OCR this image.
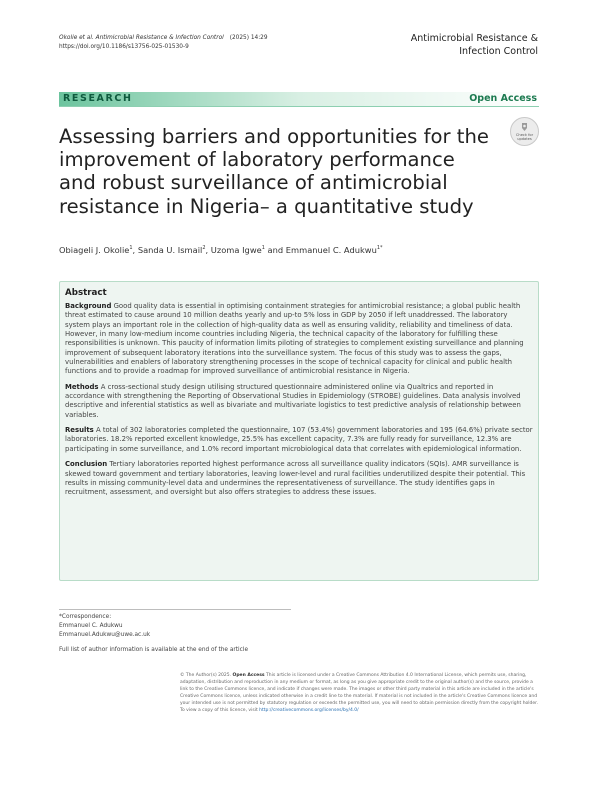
Okolie et al. Antimicrobial Resistance & Infection Control (2025) 14:29
https://doi.org/10.1186/s13756-025-01530-9
Antimicrobial Resistance &
Infection Control
RESEARCH	Open Access
Assessing barriers and opportunities for the improvement of laboratory performance and robust surveillance of antimicrobial resistance in Nigeria– a quantitative study
Check for
updates
Obiageli J. Okolie$^1$, Sanda U. Ismail$^2$, Uzoma Igwe$^1$ and Emmanuel C. Adukwu$^{1*}$
Abstract

Background Good quality data is essential in optimising containment strategies for antimicrobial resistance; a global public health threat estimated to cause around 10 million deaths yearly and up-to 5% loss in GDP by 2050 if left unaddressed. The laboratory system plays an important role in the collection of high-quality data as well as ensuring validity, reliability and timeliness of data. However, in many low-medium income countries including Nigeria, the technical capacity of the laboratory for fulfilling these responsibilities is unknown. This paucity of information limits piloting of strategies to complement existing surveillance and planning improvement of subsequent laboratory iterations into the surveillance system. The focus of this study was to assess the gaps, vulnerabilities and enablers of laboratory strengthening processes in the scope of technical capacity for clinical and public health functions and to provide a roadmap for improved surveillance of antimicrobial resistance in Nigeria.

Methods A cross-sectional study design utilising structured questionnaire administered online via Qualtrics and reported in accordance with strengthening the Reporting of Observational Studies in Epidemiology (STROBE) guidelines. Data analysis involved descriptive and inferential statistics as well as bivariate and multivariate logistics to test predictive analysis of relationship between variables.

Results A total of 302 laboratories completed the questionnaire, 107 (53.4%) government laboratories and 195 (64.6%) private sector laboratories. 18.2% reported excellent knowledge, 25.5% has excellent capacity, 7.3% are fully ready for surveillance, 12.3% are participating in some surveillance, and 1.0% record important microbiological data that correlates with epidemiological information.

Conclusion Tertiary laboratories reported highest performance across all surveillance quality indicators (SQIs). AMR surveillance is skewed toward government and tertiary laboratories, leaving lower-level and rural facilities underutilized despite their potential. This results in missing community-level data and undermines the representativeness of surveillance. The study identifies gaps in recruitment, assessment, and oversight but also offers strategies to address these issues.

*Correspondence:
Emmanuel C. Adukwu
Emmanuel.Adukwu@uwe.ac.uk
Full list of author information is available at the end of the article

© The Author(s) 2025. Open Access This article is licensed under a Creative Commons Attribution 4.0 International License, which permits use, sharing, adaptation, distribution and reproduction in any medium or format, as long as you give appropriate credit to the original author(s) and the source, provide a link to the Creative Commons licence, and indicate if changes were made. The images or other third party material in this article are included in the article's Creative Commons licence, unless indicated otherwise in a credit line to the material. If material is not included in the article's Creative Commons licence and your intended use is not permitted by statutory regulation or exceeds the permitted use, you will need to obtain permission directly from the copyright holder. To view a copy of this licence, visit http://creativecommons.org/licenses/by/4.0/
